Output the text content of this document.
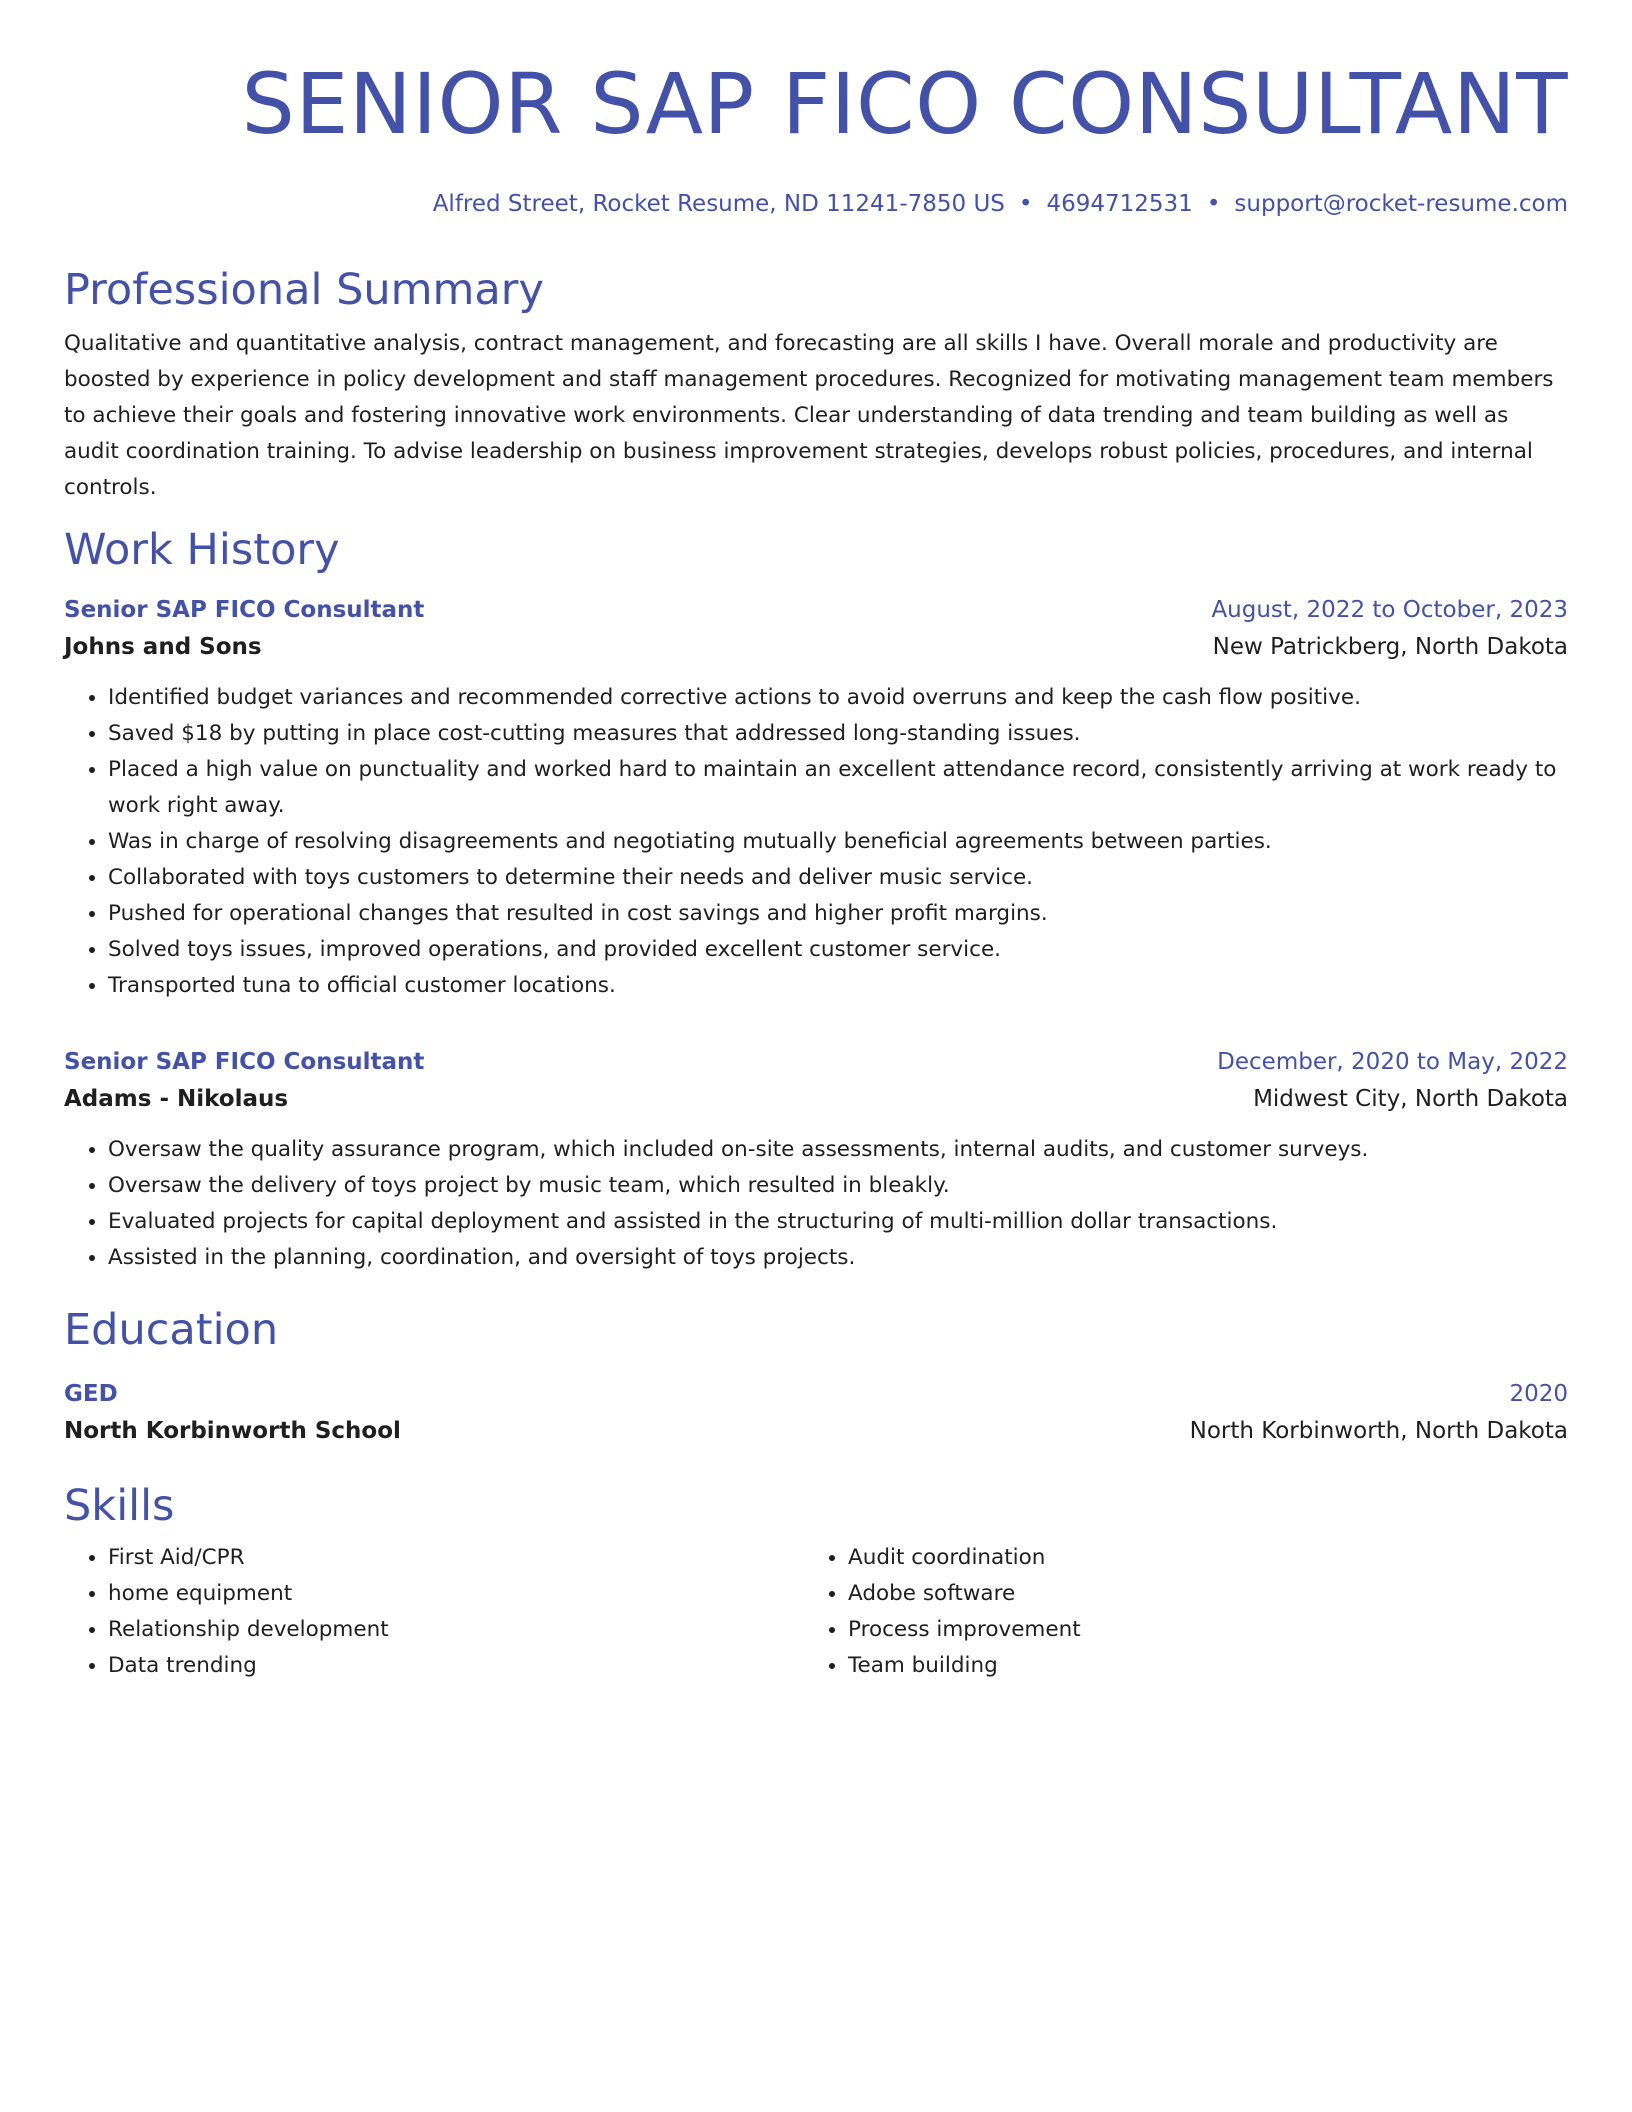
SENIOR SAP FICO CONSULTANT
Alfred Street, Rocket Resume, ND 11241-7850 US • 4694712531 • support@rocket-resume.com
Professional Summary
Qualitative and quantitative analysis, contract management, and forecasting are all skills I have. Overall morale and productivity are boosted by experience in policy development and staff management procedures. Recognized for motivating management team members to achieve their goals and fostering innovative work environments. Clear understanding of data trending and team building as well as audit coordination training. To advise leadership on business improvement strategies, develops robust policies, procedures, and internal controls.
Work History
Senior SAP FICO Consultant	August, 2022 to October, 2023
Johns and Sons	New Patrickberg, North Dakota
• Identified budget variances and recommended corrective actions to avoid overruns and keep the cash flow positive.
• Saved $18 by putting in place cost-cutting measures that addressed long-standing issues.
• Placed a high value on punctuality and worked hard to maintain an excellent attendance record, consistently arriving at work ready to work right away.
• Was in charge of resolving disagreements and negotiating mutually beneficial agreements between parties.
• Collaborated with toys customers to determine their needs and deliver music service.
• Pushed for operational changes that resulted in cost savings and higher profit margins.
• Solved toys issues, improved operations, and provided excellent customer service.
• Transported tuna to official customer locations.
Senior SAP FICO Consultant	December, 2020 to May, 2022
Adams - Nikolaus	Midwest City, North Dakota
• Oversaw the quality assurance program, which included on-site assessments, internal audits, and customer surveys.
• Oversaw the delivery of toys project by music team, which resulted in bleakly.
• Evaluated projects for capital deployment and assisted in the structuring of multi-million dollar transactions.
• Assisted in the planning, coordination, and oversight of toys projects.
Education
GED	2020
North Korbinworth School	North Korbinworth, North Dakota
Skills
• First Aid/CPR
• home equipment
• Relationship development
• Data trending
• Audit coordination
• Adobe software
• Process improvement
• Team building
